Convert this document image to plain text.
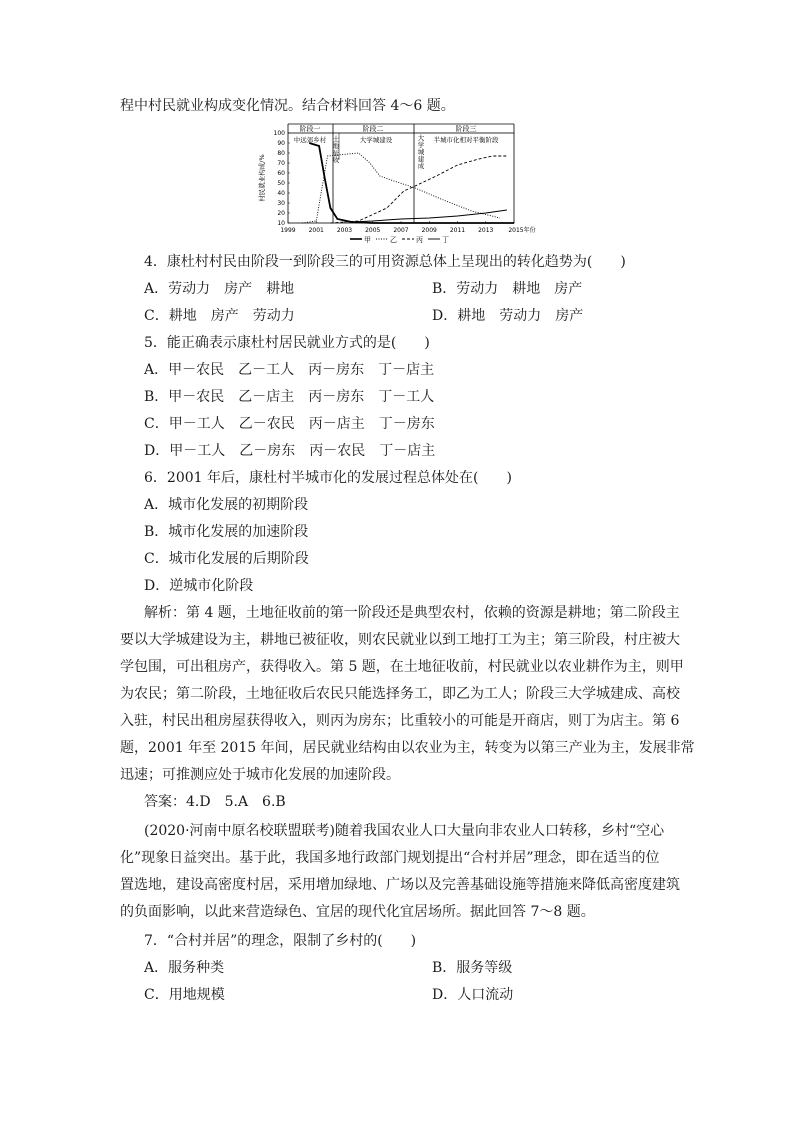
程中村民就业构成变化情况。结合材料回答 4～6 题。
阶段一	阶段二	阶段三
中远郊乡村 土
地
征
收
大学城建设	大
学
城
建
成
半城市化相对平衡阶段
村民就业构成/%
100
90
80
70
60
50
40
30
20
10
1999 2001 2003 2005 2007 2009 2011 2013 2015年份
甲	乙	丙	丁
4．康杜村村民由阶段一到阶段三的可用资源总体上呈现出的转化趋势为(　　)
A．劳动力　房产　耕地	B．劳动力　耕地　房产
C．耕地　房产　劳动力	D．耕地　劳动力　房产
5．能正确表示康杜村居民就业方式的是(　　)
A．甲－农民　乙－工人　丙－房东　丁－店主
B．甲－农民　乙－店主　丙－房东　丁－工人
C．甲－工人　乙－农民　丙－店主　丁－房东
D．甲－工人　乙－房东　丙－农民　丁－店主
6．2001 年后，康杜村半城市化的发展过程总体处在(　　)
A．城市化发展的初期阶段
B．城市化发展的加速阶段
C．城市化发展的后期阶段
D．逆城市化阶段
解析：第 4 题，土地征收前的第一阶段还是典型农村，依赖的资源是耕地；第二阶段主
要以大学城建设为主，耕地已被征收，则农民就业以到工地打工为主；第三阶段，村庄被大
学包围，可出租房产，获得收入。第 5 题，在土地征收前，村民就业以农业耕作为主，则甲
为农民；第二阶段，土地征收后农民只能选择务工，即乙为工人；阶段三大学城建成、高校
入驻，村民出租房屋获得收入，则丙为房东；比重较小的可能是开商店，则丁为店主。第 6
题，2001 年至 2015 年间，居民就业结构由以农业为主，转变为以第三产业为主，发展非常
迅速；可推测应处于城市化发展的加速阶段。
答案：4.D　5.A　6.B
(2020·河南中原名校联盟联考)随着我国农业人口大量向非农业人口转移，乡村“空心
化”现象日益突出。基于此，我国多地行政部门规划提出“合村并居”理念，即在适当的位
置选地，建设高密度村居，采用增加绿地、广场以及完善基础设施等措施来降低高密度建筑
的负面影响，以此来营造绿色、宜居的现代化宜居场所。据此回答 7～8 题。
7．“合村并居”的理念，限制了乡村的(　　)
A．服务种类	B．服务等级
C．用地规模	D．人口流动
